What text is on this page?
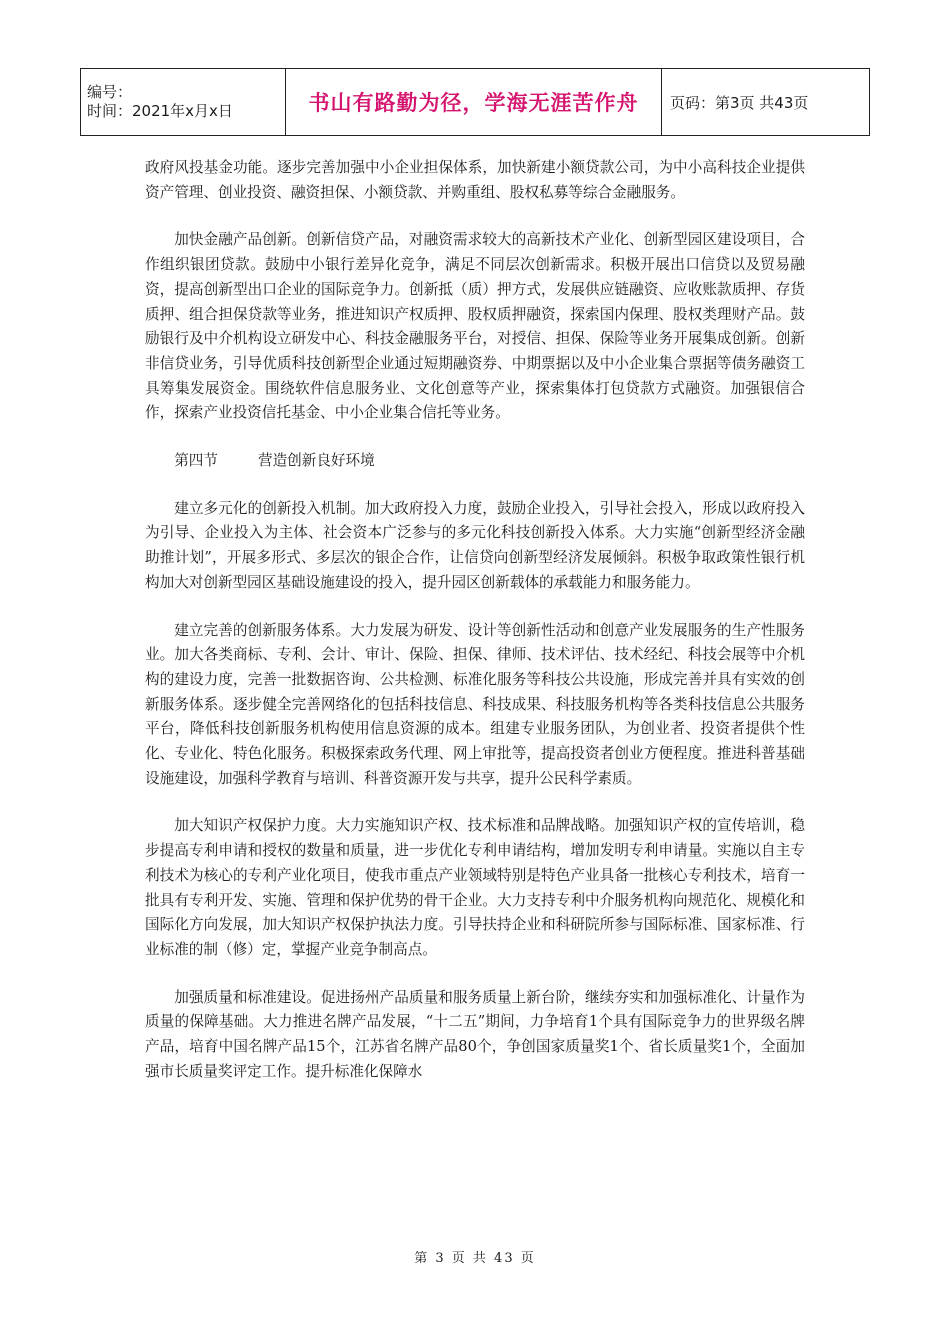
编号：
时间：2021年x月x日	书山有路勤为径，学海无涯苦作舟	页码：第3页 共43页

政府风投基金功能。逐步完善加强中小企业担保体系，加快新建小额贷款公司，为中小高科技企业提供资产管理、创业投资、融资担保、小额贷款、并购重组、股权私募等综合金融服务。

加快金融产品创新。创新信贷产品，对融资需求较大的高新技术产业化、创新型园区建设项目，合作组织银团贷款。鼓励中小银行差异化竞争，满足不同层次创新需求。积极开展出口信贷以及贸易融资，提高创新型出口企业的国际竞争力。创新抵（质）押方式，发展供应链融资、应收账款质押、存货质押、组合担保贷款等业务，推进知识产权质押、股权质押融资，探索国内保理、股权类理财产品。鼓励银行及中介机构设立研发中心、科技金融服务平台，对授信、担保、保险等业务开展集成创新。创新非信贷业务，引导优质科技创新型企业通过短期融资券、中期票据以及中小企业集合票据等债务融资工具筹集发展资金。围绕软件信息服务业、文化创意等产业，探索集体打包贷款方式融资。加强银信合作，探索产业投资信托基金、中小企业集合信托等业务。

第四节	营造创新良好环境

建立多元化的创新投入机制。加大政府投入力度，鼓励企业投入，引导社会投入，形成以政府投入为引导、企业投入为主体、社会资本广泛参与的多元化科技创新投入体系。大力实施“创新型经济金融助推计划”，开展多形式、多层次的银企合作，让信贷向创新型经济发展倾斜。积极争取政策性银行机构加大对创新型园区基础设施建设的投入，提升园区创新载体的承载能力和服务能力。

建立完善的创新服务体系。大力发展为研发、设计等创新性活动和创意产业发展服务的生产性服务业。加大各类商标、专利、会计、审计、保险、担保、律师、技术评估、技术经纪、科技会展等中介机构的建设力度，完善一批数据咨询、公共检测、标准化服务等科技公共设施，形成完善并具有实效的创新服务体系。逐步健全完善网络化的包括科技信息、科技成果、科技服务机构等各类科技信息公共服务平台，降低科技创新服务机构使用信息资源的成本。组建专业服务团队，为创业者、投资者提供个性化、专业化、特色化服务。积极探索政务代理、网上审批等，提高投资者创业方便程度。推进科普基础设施建设，加强科学教育与培训、科普资源开发与共享，提升公民科学素质。

加大知识产权保护力度。大力实施知识产权、技术标准和品牌战略。加强知识产权的宣传培训，稳步提高专利申请和授权的数量和质量，进一步优化专利申请结构，增加发明专利申请量。实施以自主专利技术为核心的专利产业化项目，使我市重点产业领域特别是特色产业具备一批核心专利技术，培育一批具有专利开发、实施、管理和保护优势的骨干企业。大力支持专利中介服务机构向规范化、规模化和国际化方向发展，加大知识产权保护执法力度。引导扶持企业和科研院所参与国际标准、国家标准、行业标准的制（修）定，掌握产业竞争制高点。

加强质量和标准建设。促进扬州产品质量和服务质量上新台阶，继续夯实和加强标准化、计量作为质量的保障基础。大力推进名牌产品发展，“十二五”期间，力争培育1个具有国际竞争力的世界级名牌产品，培育中国名牌产品15个，江苏省名牌产品80个，争创国家质量奖1个、省长质量奖1个，全面加强市长质量奖评定工作。提升标准化保障水

第 3 页 共 43 页
